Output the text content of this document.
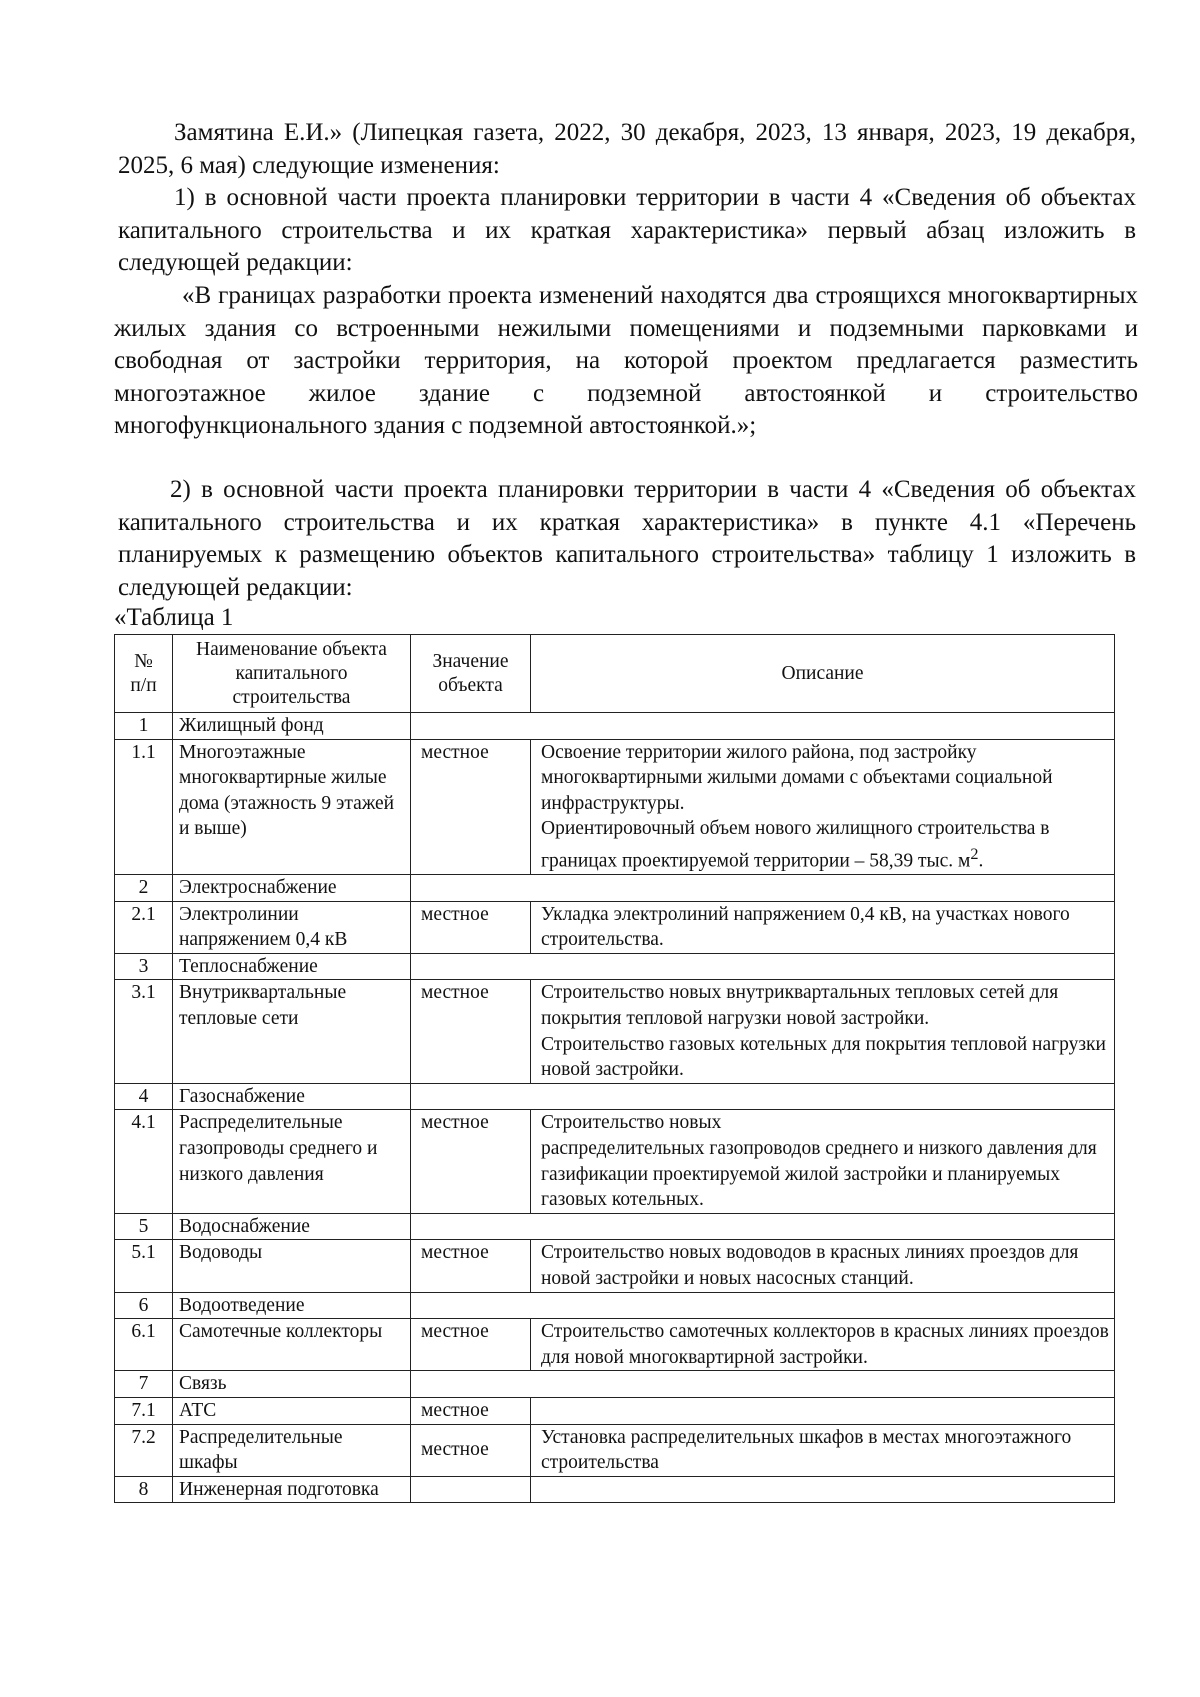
Замятина Е.И.» (Липецкая газета, 2022, 30 декабря, 2023, 13 января, 2023, 19 декабря, 2025, 6 мая) следующие изменения:

1) в основной части проекта планировки территории в части 4 «Сведения об объектах капитального строительства и их краткая характеристика» первый абзац изложить в следующей редакции:

«В границах разработки проекта изменений находятся два строящихся многоквартирных жилых здания со встроенными нежилыми помещениями и подземными парковками и свободная от застройки территория, на которой проектом предлагается разместить многоэтажное жилое здание с подземной автостоянкой и строительство многофункционального здания с подземной автостоянкой.»;

2) в основной части проекта планировки территории в части 4 «Сведения об объектах капитального строительства и их краткая характеристика» в пункте 4.1 «Перечень планируемых к размещению объектов капитального строительства» таблицу 1 изложить в следующей редакции:

«Таблица 1
№
п/п	Наименование объекта капитального строительства	Значение объекта	Описание
1	Жилищный фонд		
1.1	Многоэтажные многоквартирные жилые дома (этажность 9 этажей и выше)	местное	Освоение территории жилого района, под застройку многоквартирными жилыми домами с объектами социальной инфраструктуры.
Ориентировочный объем нового жилищного строительства в границах проектируемой территории – 58,39 тыс. $м^2$.
2	Электроснабжение		
2.1	Электролинии напряжением 0,4 кВ	местное	Укладка электролиний напряжением 0,4 кВ, на участках нового строительства.
3	Теплоснабжение		
3.1	Внутриквартальные тепловые сети	местное	Строительство новых внутриквартальных тепловых сетей для покрытия тепловой нагрузки новой застройки.
Строительство газовых котельных для покрытия тепловой нагрузки новой застройки.
4	Газоснабжение		
4.1	Распределительные газопроводы среднего и низкого давления	местное	Строительство новых
распределительных газопроводов среднего и низкого давления для газификации проектируемой жилой застройки и планируемых газовых котельных.
5	Водоснабжение		
5.1	Водоводы	местное	Строительство новых водоводов в красных линиях проездов для новой застройки и новых насосных станций.
6	Водоотведение		
6.1	Самотечные коллекторы	местное	Строительство самотечных коллекторов в красных линиях проездов для новой многоквартирной застройки.
7	Связь		
7.1	АТС	местное	
7.2	Распределительные шкафы	местное	Установка распределительных шкафов в местах многоэтажного строительства
8	Инженерная подготовка		
